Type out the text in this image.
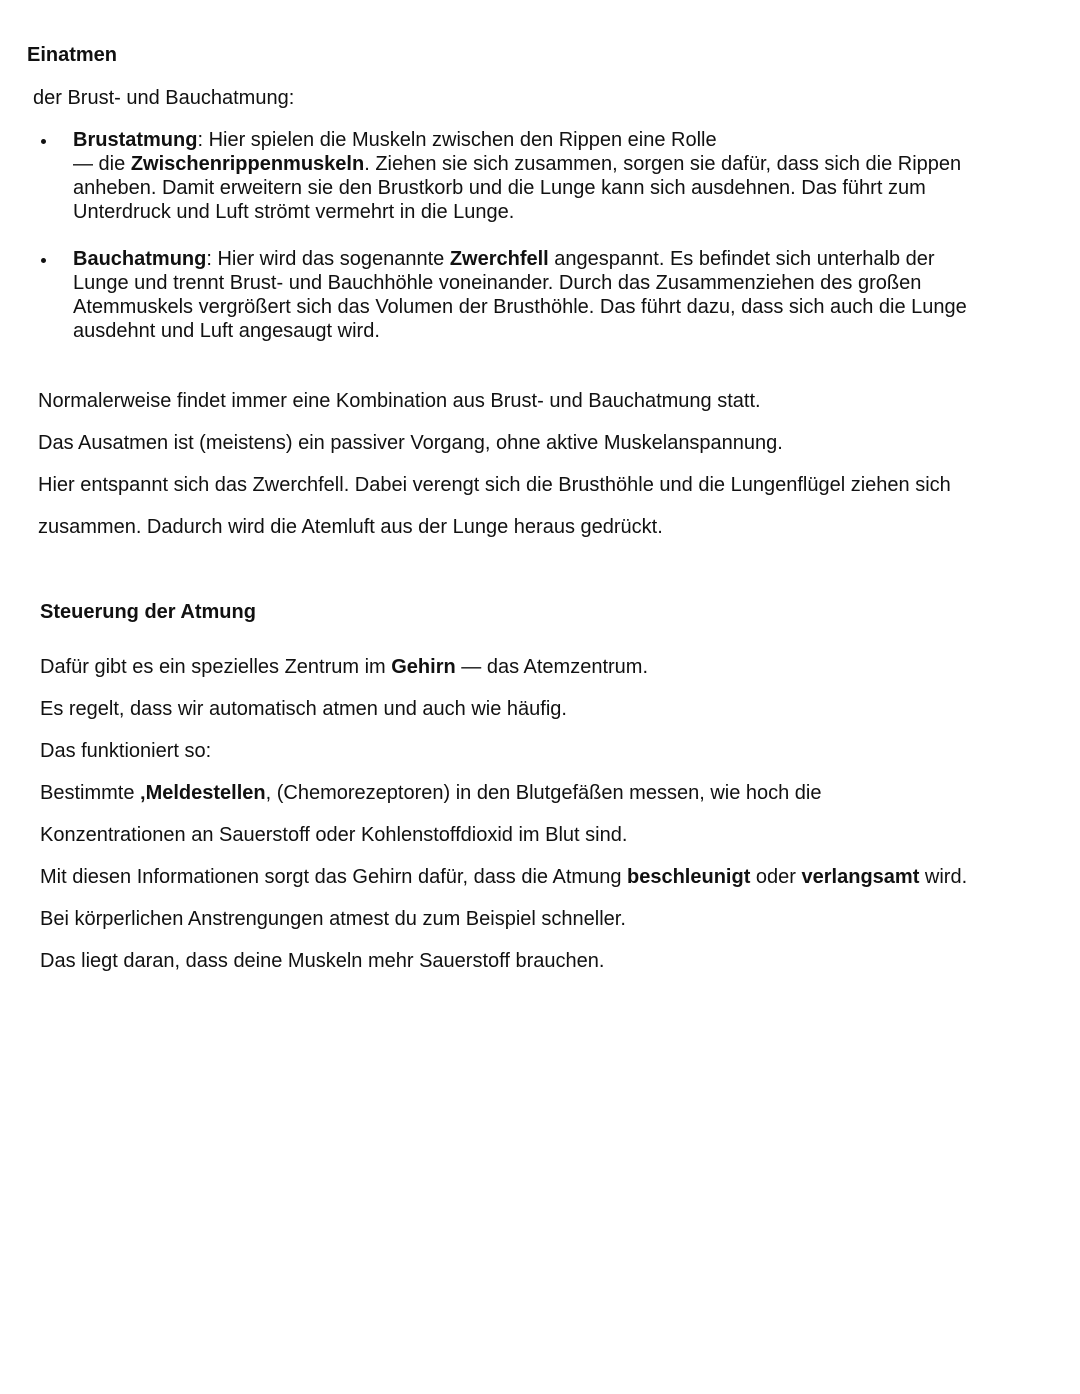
Einatmen
der Brust- und Bauchatmung:
Brustatmung: Hier spielen die Muskeln zwischen den Rippen eine Rolle
— die Zwischenrippenmuskeln. Ziehen sie sich zusammen, sorgen sie dafür, dass sich die Rippen
anheben. Damit erweitern sie den Brustkorb und die Lunge kann sich ausdehnen. Das führt zum
Unterdruck und Luft strömt vermehrt in die Lunge.
Bauchatmung: Hier wird das sogenannte Zwerchfell angespannt. Es befindet sich unterhalb der
Lunge und trennt Brust- und Bauchhöhle voneinander. Durch das Zusammenziehen des großen
Atemmuskels vergrößert sich das Volumen der Brusthöhle. Das führt dazu, dass sich auch die Lunge
ausdehnt und Luft angesaugt wird.
Normalerweise findet immer eine Kombination aus Brust- und Bauchatmung statt.
Das Ausatmen ist (meistens) ein passiver Vorgang, ohne aktive Muskelanspannung.
Hier entspannt sich das Zwerchfell. Dabei verengt sich die Brusthöhle und die Lungenflügel ziehen sich
zusammen. Dadurch wird die Atemluft aus der Lunge heraus gedrückt.
Steuerung der Atmung
Dafür gibt es ein spezielles Zentrum im Gehirn — das Atemzentrum.
Es regelt, dass wir automatisch atmen und auch wie häufig.
Das funktioniert so:
Bestimmte ‚Meldestellen, (Chemorezeptoren) in den Blutgefäßen messen, wie hoch die
Konzentrationen an Sauerstoff oder Kohlenstoffdioxid im Blut sind.
Mit diesen Informationen sorgt das Gehirn dafür, dass die Atmung beschleunigt oder verlangsamt wird.
Bei körperlichen Anstrengungen atmest du zum Beispiel schneller.
Das liegt daran, dass deine Muskeln mehr Sauerstoff brauchen.
